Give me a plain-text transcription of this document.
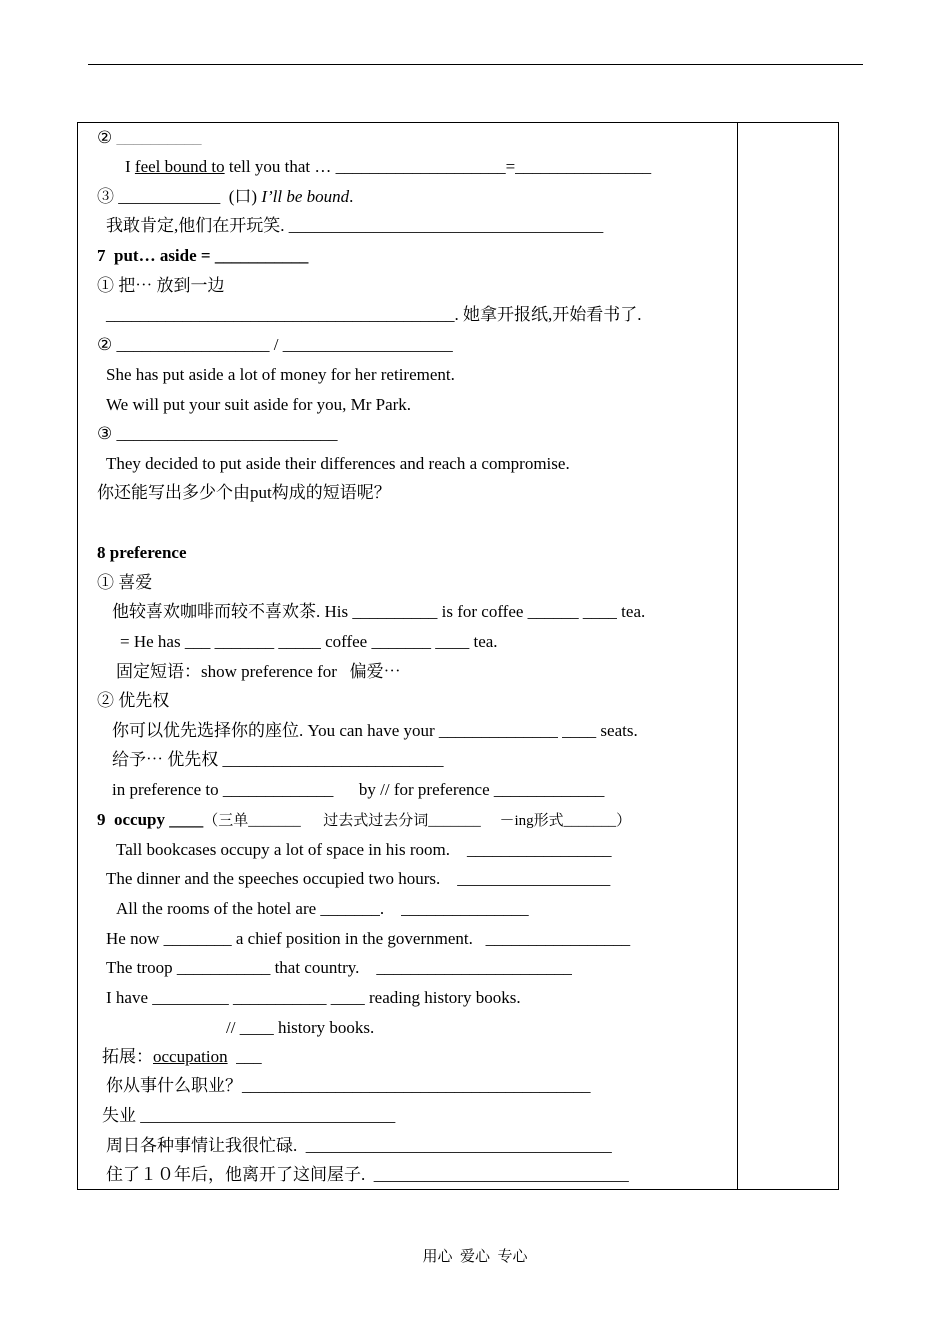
② __________
I feel bound to tell you that … ____________________=________________
③ ____________  (口) I’ll be bound.
我敢肯定,他们在开玩笑. _____________________________________
7  put… aside = ___________
① 把⋯ 放到一边
_________________________________________. 她拿开报纸,开始看书了.
② __________________ / ____________________
She has put aside a lot of money for her retirement.
We will put your suit aside for you, Mr Park.
③ __________________________
They decided to put aside their differences and reach a compromise.
你还能写出多少个由put构成的短语呢？
8 preference
① 喜爱
他较喜欢咖啡而较不喜欢茶. His __________ is for coffee ______ ____ tea.
= He has ___ _______ _____ coffee _______ ____ tea.
固定短语：show preference for   偏爱⋯
② 优先权
你可以优先选择你的座位. You can have your ______________ ____ seats.
给予⋯ 优先权 __________________________
in preference to _____________      by // for preference _____________
9  occupy ____（三单_______      过去式过去分词_______     －ing形式_______）
Tall bookcases occupy a lot of space in his room.    _________________
The dinner and the speeches occupied two hours.    __________________
All the rooms of the hotel are _______.    _______________
He now ________ a chief position in the government.   _________________
The troop ___________ that country.    _______________________
I have _________ ___________ ____ reading history books.
// ____ history books.
拓展：occupation  ___
你从事什么职业？_________________________________________
失业 ______________________________
周日各种事情让我很忙碌.  ____________________________________
住了１０年后，他离开了这间屋子.  ______________________________
用心  爱心  专心
